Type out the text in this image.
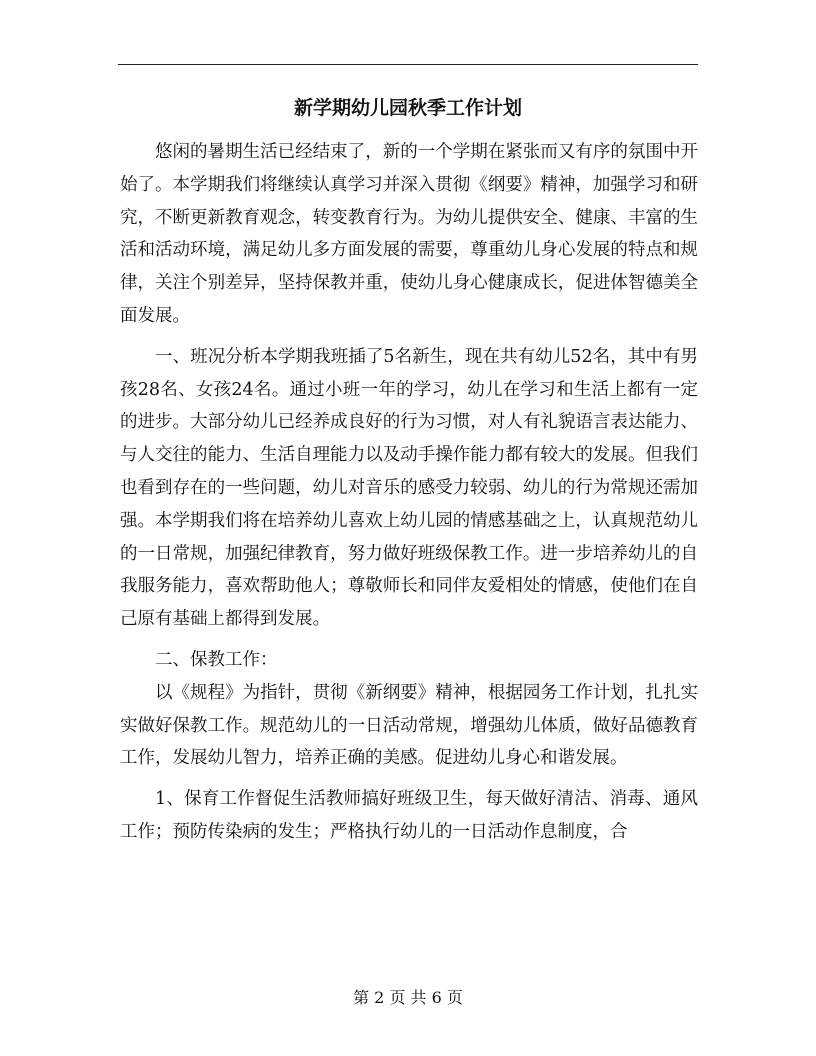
新学期幼儿园秋季工作计划

悠闲的暑期生活已经结束了，新的一个学期在紧张而又有序的氛围中开始了。本学期我们将继续认真学习并深入贯彻《纲要》精神，加强学习和研究，不断更新教育观念，转变教育行为。为幼儿提供安全、健康、丰富的生活和活动环境，满足幼儿多方面发展的需要，尊重幼儿身心发展的特点和规律，关注个别差异，坚持保教并重，使幼儿身心健康成长，促进体智德美全面发展。

一、班况分析本学期我班插了5名新生，现在共有幼儿52名，其中有男孩28名、女孩24名。通过小班一年的学习，幼儿在学习和生活上都有一定的进步。大部分幼儿已经养成良好的行为习惯，对人有礼貌语言表达能力、与人交往的能力、生活自理能力以及动手操作能力都有较大的发展。但我们也看到存在的一些问题，幼儿对音乐的感受力较弱、幼儿的行为常规还需加强。本学期我们将在培养幼儿喜欢上幼儿园的情感基础之上，认真规范幼儿的一日常规，加强纪律教育，努力做好班级保教工作。进一步培养幼儿的自我服务能力，喜欢帮助他人；尊敬师长和同伴友爱相处的情感，使他们在自己原有基础上都得到发展。

二、保教工作：

以《规程》为指针，贯彻《新纲要》精神，根据园务工作计划，扎扎实实做好保教工作。规范幼儿的一日活动常规，增强幼儿体质，做好品德教育工作，发展幼儿智力，培养正确的美感。促进幼儿身心和谐发展。

1、保育工作督促生活教师搞好班级卫生，每天做好清洁、消毒、通风工作；预防传染病的发生；严格执行幼儿的一日活动作息制度，合

第 2 页 共 6 页
